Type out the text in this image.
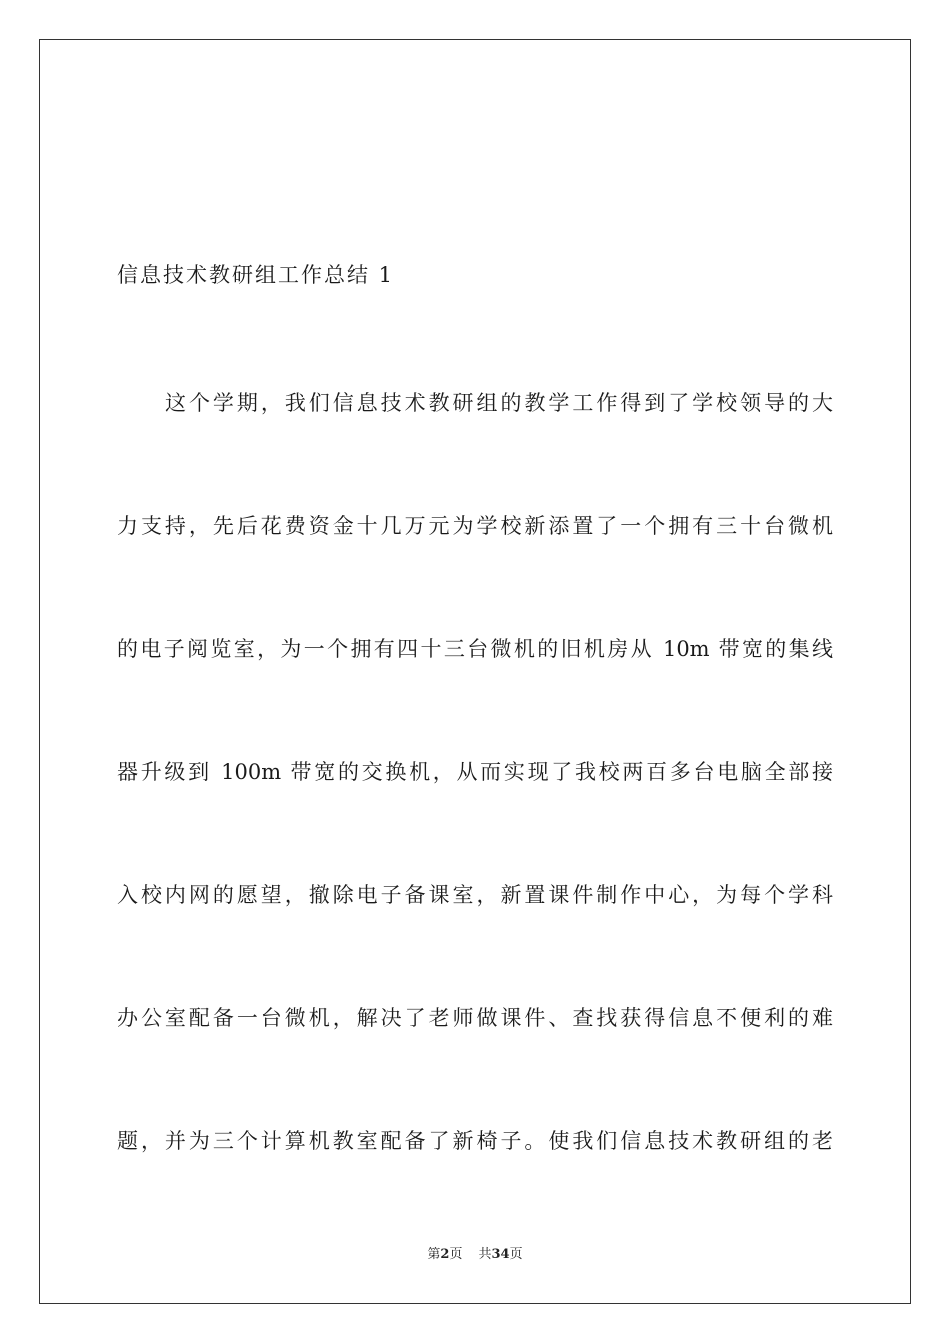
信息技术教研组工作总结 1
这个学期，我们信息技术教研组的教学工作得到了学校领导的大
力支持，先后花费资金十几万元为学校新添置了一个拥有三十台微机
的电子阅览室，为一个拥有四十三台微机的旧机房从 10m 带宽的集线
器升级到 100m 带宽的交换机，从而实现了我校两百多台电脑全部接
入校内网的愿望，撤除电子备课室，新置课件制作中心，为每个学科
办公室配备一台微机，解决了老师做课件、查找获得信息不便利的难
题，并为三个计算机教室配备了新椅子。使我们信息技术教研组的老
第2页 共34页
